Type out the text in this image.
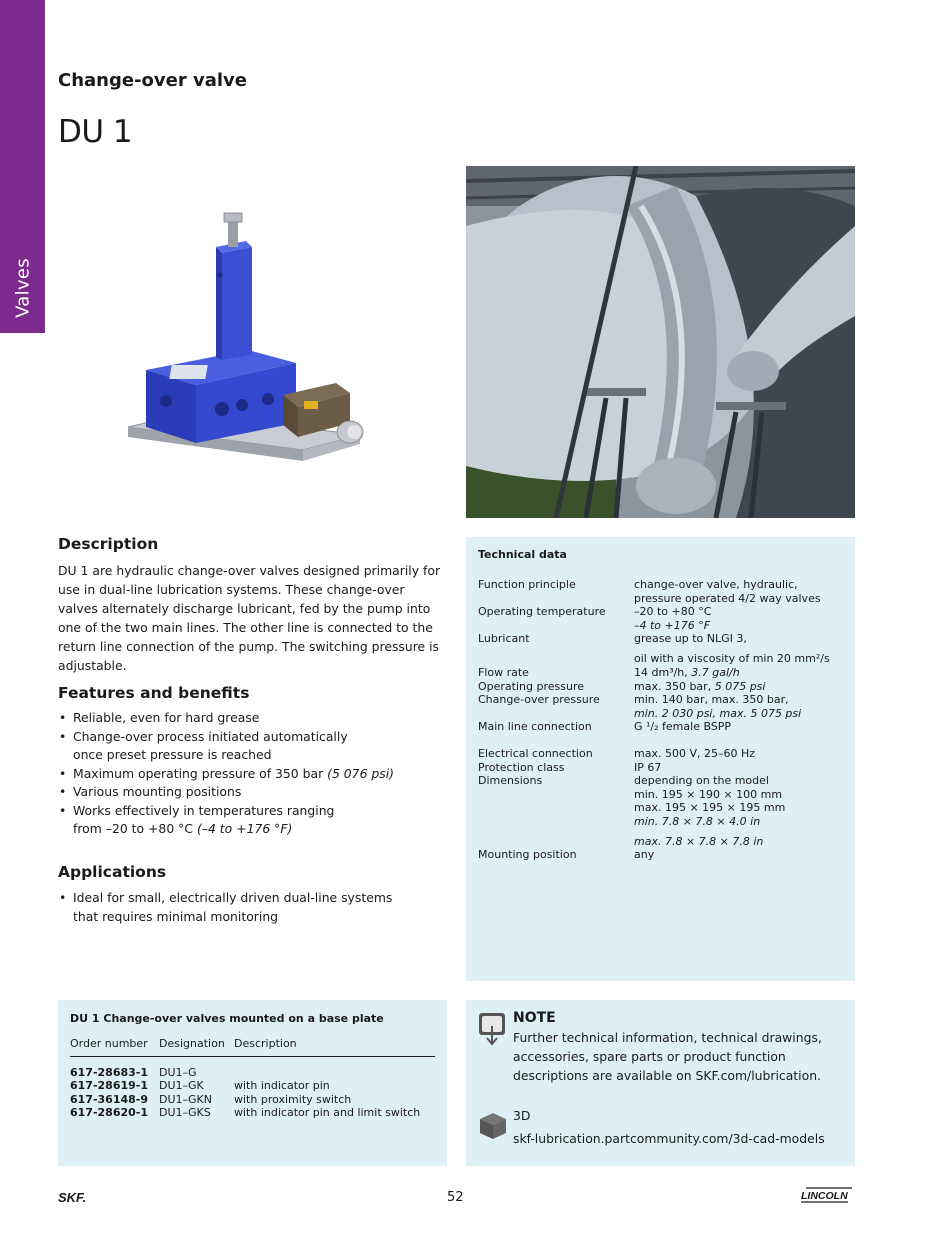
Valves
Change-over valve
DU 1
Description
DU 1 are hydraulic change-over valves designed primarily for use in dual-line lubrication systems. These change-over valves alternately discharge lubricant, fed by the pump into one of the two main lines. The other line is connected to the return line connection of the pump. The switching pressure is adjustable.
Features and benefits
• Reliable, even for hard grease
• Change-over process initiated automatically
once preset pressure is reached
• Maximum operating pressure of 350 bar (5 076 psi)
• Various mounting positions
• Works effectively in temperatures ranging
from –20 to +80 °C (–4 to +176 °F)
Applications
• Ideal for small, electrically driven dual-line systems
that requires minimal monitoring
Technical data
Function principle	change-over valve, hydraulic,
pressure operated 4/2 way valves
Operating temperature	–20 to +80 °C
–4 to +176 °F
Lubricant	grease up to NLGI 3,
oil with a viscosity of min 20 mm²/s
Flow rate	14 dm³/h, 3.7 gal/h
Operating pressure	max. 350 bar, 5 075 psi
Change-over pressure	min. 140 bar, max. 350 bar,
min. 2 030 psi, max. 5 075 psi
Main line connection	G ¹/₂ female BSPP
Electrical connection	max. 500 V, 25–60 Hz
Protection class	IP 67
Dimensions	depending on the model
min. 195 × 190 × 100 mm
max. 195 × 195 × 195 mm
min. 7.8 × 7.8 × 4.0 in
max. 7.8 × 7.8 × 7.8 in
Mounting position	any
DU 1 Change-over valves mounted on a base plate
Order number Designation Description
617-28683-1 DU1–G
617-28619-1 DU1–GK	with indicator pin
617-36148-9 DU1–GKN with proximity switch
617-28620-1 DU1–GKS with indicator pin and limit switch
NOTE
Further technical information, technical drawings, accessories, spare parts or product function descriptions are available on SKF.com/lubrication.
3D
skf-lubrication.partcommunity.com/3d-cad-models
SKF.	52	LINCOLN
